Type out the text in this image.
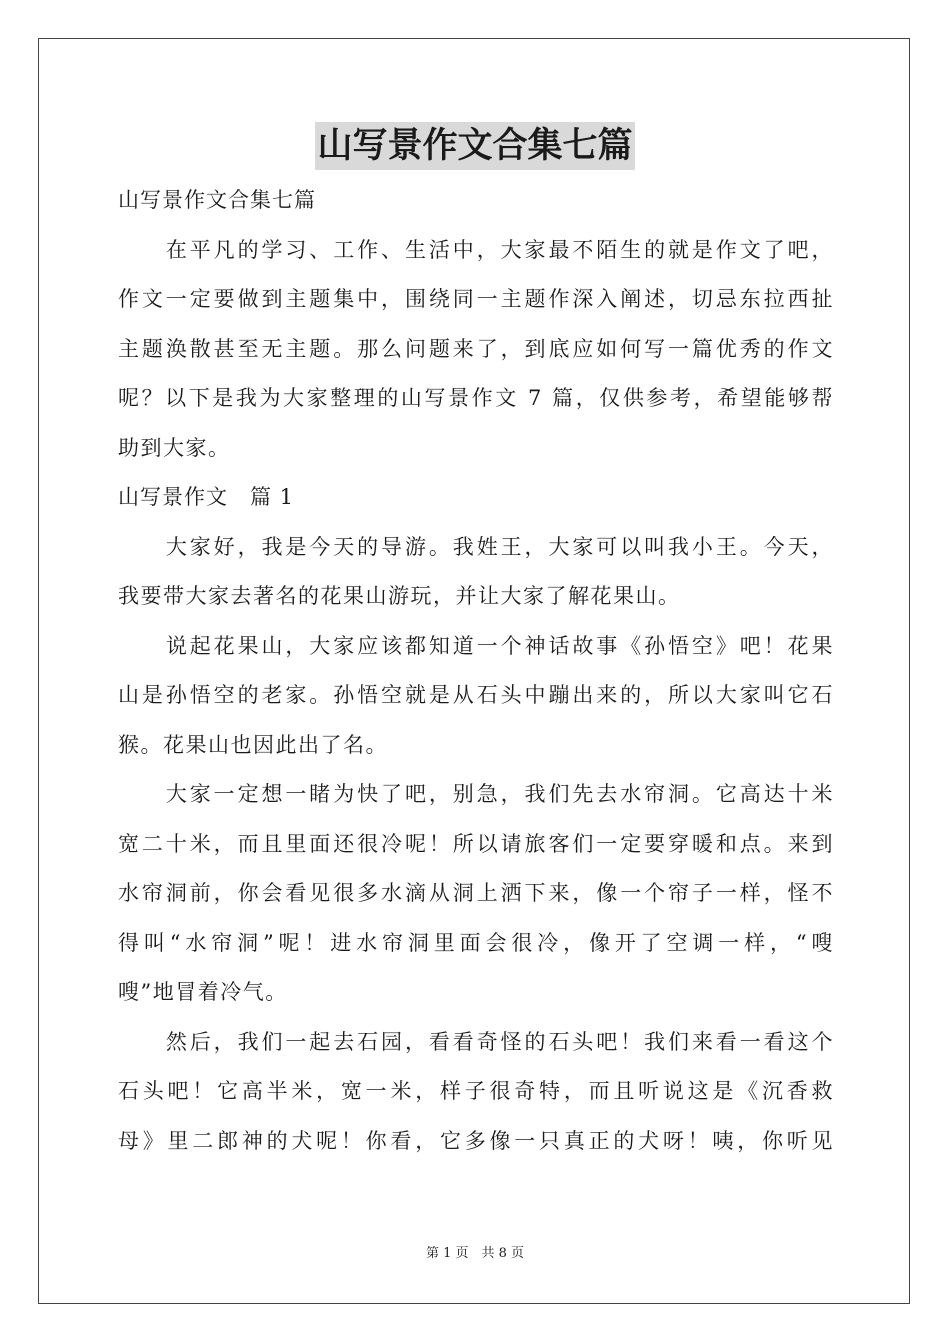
山写景作文合集七篇
山写景作文合集七篇
　　在平凡的学习、工作、生活中，大家最不陌生的就是作文了吧，
作文一定要做到主题集中，围绕同一主题作深入阐述，切忌东拉西扯
主题涣散甚至无主题。那么问题来了，到底应如何写一篇优秀的作文
呢？以下是我为大家整理的山写景作文 7 篇，仅供参考，希望能够帮
助到大家。
山写景作文　篇 1
　　大家好，我是今天的导游。我姓王，大家可以叫我小王。今天，
我要带大家去著名的花果山游玩，并让大家了解花果山。
　　说起花果山，大家应该都知道一个神话故事《孙悟空》吧！花果
山是孙悟空的老家。孙悟空就是从石头中蹦出来的，所以大家叫它石
猴。花果山也因此出了名。
　　大家一定想一睹为快了吧，别急，我们先去水帘洞。它高达十米
宽二十米，而且里面还很冷呢！所以请旅客们一定要穿暖和点。来到
水帘洞前，你会看见很多水滴从洞上洒下来，像一个帘子一样，怪不
得叫“水帘洞”呢！进水帘洞里面会很冷，像开了空调一样，“嗖
嗖”地冒着冷气。
　　然后，我们一起去石园，看看奇怪的石头吧！我们来看一看这个
石头吧！它高半米，宽一米，样子很奇特，而且听说这是《沉香救
母》里二郎神的犬呢！你看，它多像一只真正的犬呀！咦，你听见
第 1 页　共 8 页
